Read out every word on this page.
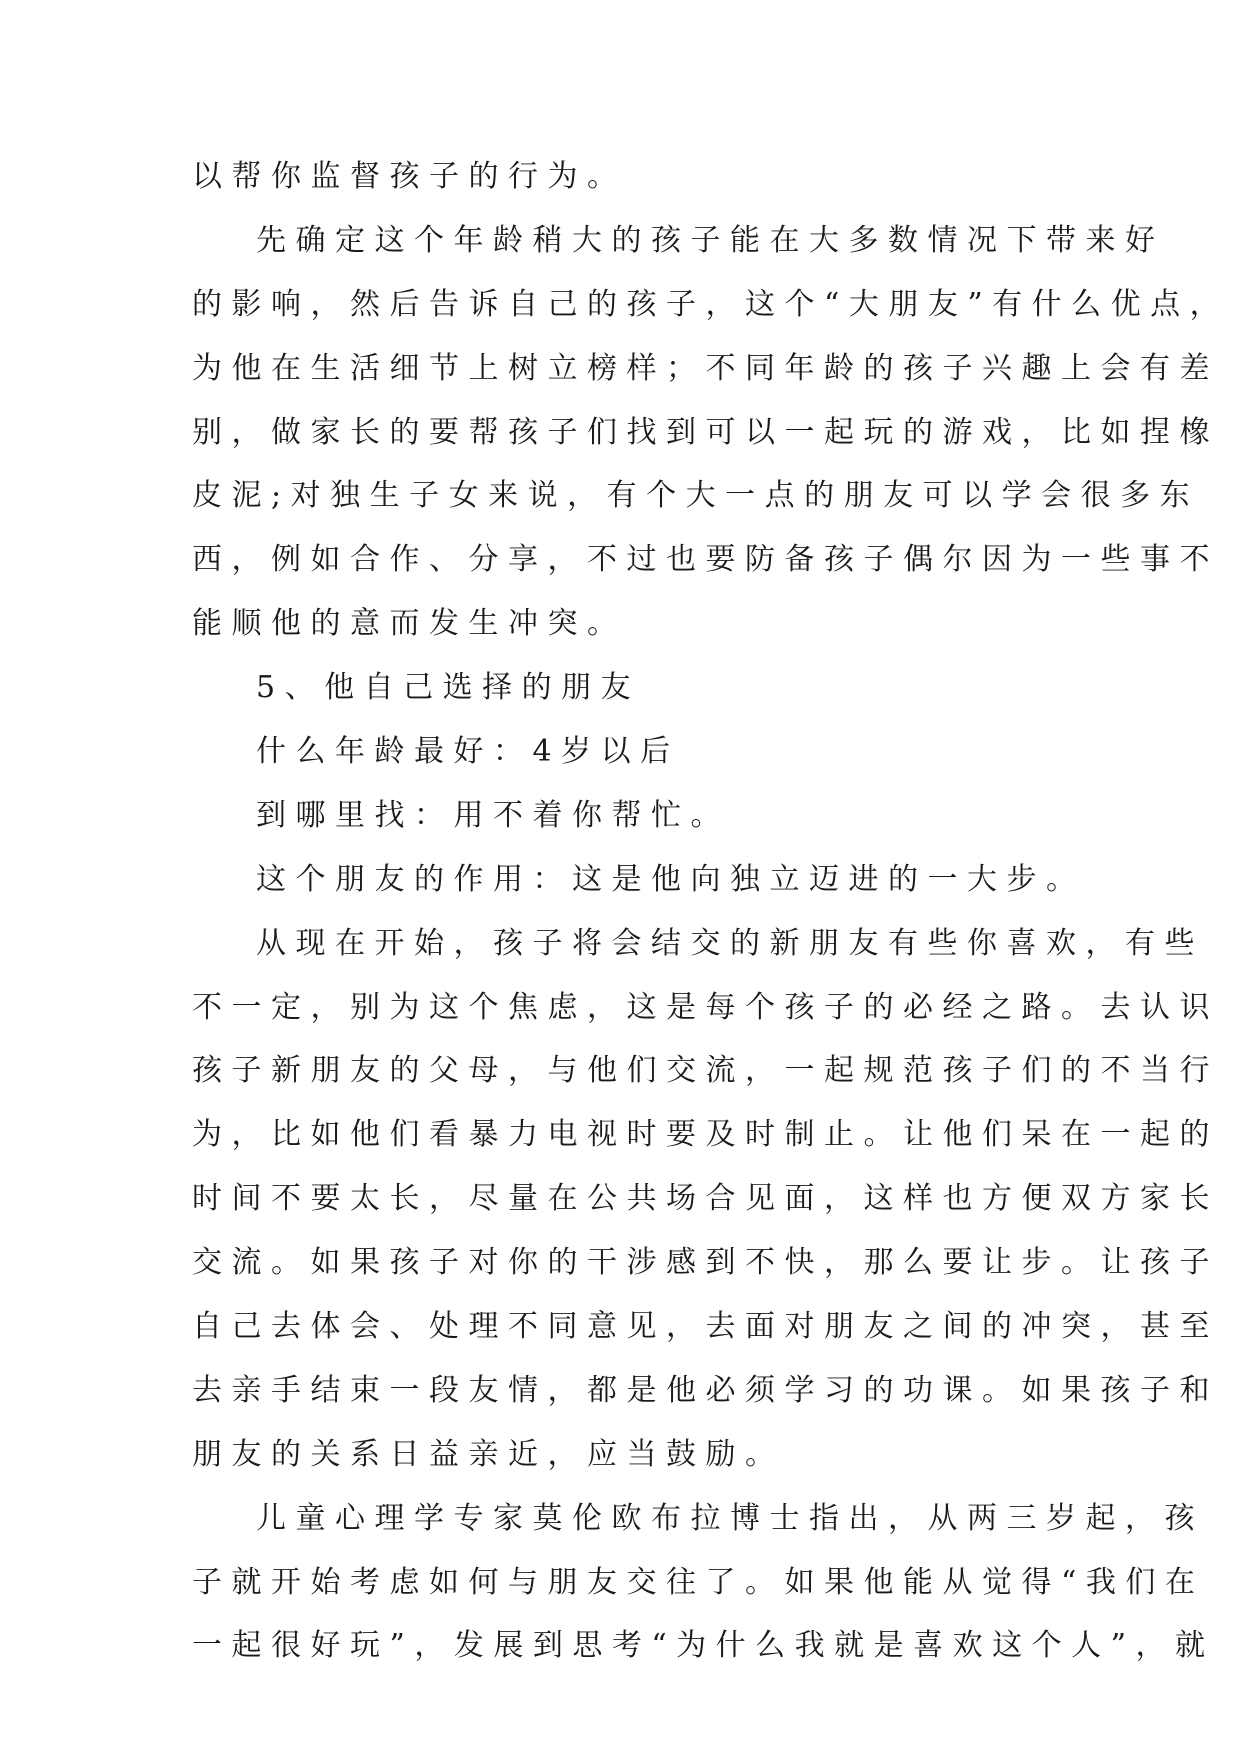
以帮你监督孩子的行为。
先确定这个年龄稍大的孩子能在大多数情况下带来好
的影响，然后告诉自己的孩子，这个“大朋友”有什么优点，
为他在生活细节上树立榜样；不同年龄的孩子兴趣上会有差
别，做家长的要帮孩子们找到可以一起玩的游戏，比如捏橡
皮泥;对独生子女来说，有个大一点的朋友可以学会很多东
西，例如合作、分享，不过也要防备孩子偶尔因为一些事不
能顺他的意而发生冲突。
5、他自己选择的朋友
什么年龄最好：4岁以后
到哪里找：用不着你帮忙。
这个朋友的作用：这是他向独立迈进的一大步。
从现在开始，孩子将会结交的新朋友有些你喜欢，有些
不一定，别为这个焦虑，这是每个孩子的必经之路。去认识
孩子新朋友的父母，与他们交流，一起规范孩子们的不当行
为，比如他们看暴力电视时要及时制止。让他们呆在一起的
时间不要太长，尽量在公共场合见面，这样也方便双方家长
交流。如果孩子对你的干涉感到不快，那么要让步。让孩子
自己去体会、处理不同意见，去面对朋友之间的冲突，甚至
去亲手结束一段友情，都是他必须学习的功课。如果孩子和
朋友的关系日益亲近，应当鼓励。
儿童心理学专家莫伦欧布拉博士指出，从两三岁起，孩
子就开始考虑如何与朋友交往了。如果他能从觉得“我们在
一起很好玩”，发展到思考“为什么我就是喜欢这个人”，就
